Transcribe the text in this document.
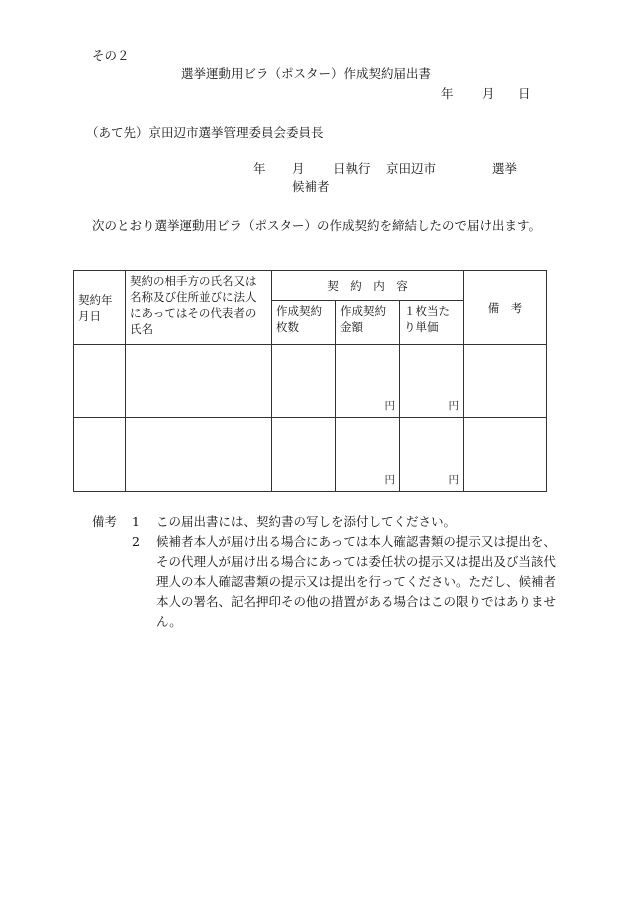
その２
選挙運動用ビラ（ポスター）作成契約届出書
年 月 日
（あて先）京田辺市選挙管理委員会委員長
年 月 日執行 京田辺市	選挙
候補者
次のとおり選挙運動用ビラ（ポスター）の作成契約を締結したので届け出ます。
契約年月日	契約の相手方の氏名又は名称及び住所並びに法人にあってはその代表者の氏名	契　約　内　容			備　考
		作成契約枚数	作成契約金額	１枚当たり単価	
			円	円	
			円	円	
備考	1	この届出書には、契約書の写しを添付してください。
2	候補者本人が届け出る場合にあっては本人確認書類の提示又は提出を、その代理人が届け出る場合にあっては委任状の提示又は提出及び当該代理人の本人確認書類の提示又は提出を行ってください。ただし、候補者本人の署名、記名押印その他の措置がある場合はこの限りではありません。
